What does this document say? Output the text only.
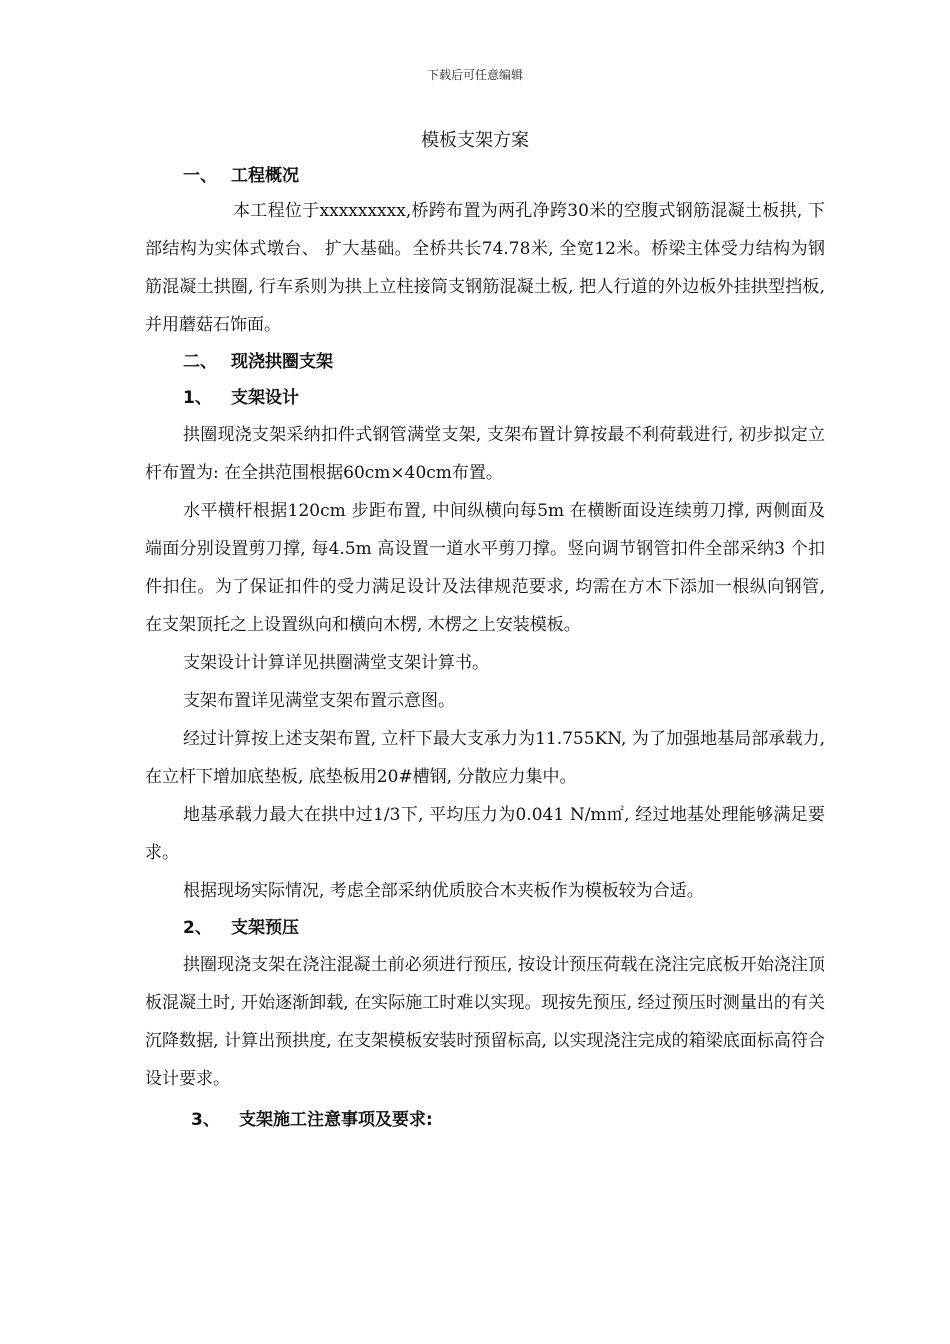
下载后可任意编辑
模板支架方案
一、 工程概况

本工程位于xxxxxxxxx,桥跨布置为两孔净跨30米的空腹式钢筋混凝土板拱, 下部结构为实体式墩台、 扩大基础。全桥共长74.78米, 全宽12米。桥梁主体受力结构为钢筋混凝土拱圈, 行车系则为拱上立柱接筒支钢筋混凝土板, 把人行道的外边板外挂拱型挡板, 并用蘑菇石饰面。

二、 现浇拱圈支架
1、 支架设计

拱圈现浇支架采纳扣件式钢管满堂支架, 支架布置计算按最不利荷载进行, 初步拟定立杆布置为: 在全拱范围根据60cm×40cm布置。

水平横杆根据120cm 步距布置, 中间纵横向每5m 在横断面设连续剪刀撑, 两侧面及端面分别设置剪刀撑, 每4.5m 高设置一道水平剪刀撑。竖向调节钢管扣件全部采纳3 个扣件扣住。为了保证扣件的受力满足设计及法律规范要求, 均需在方木下添加一根纵向钢管, 在支架顶托之上设置纵向和横向木楞, 木楞之上安装模板。

支架设计计算详见拱圈满堂支架计算书。

支架布置详见满堂支架布置示意图。

经过计算按上述支架布置, 立杆下最大支承力为11.755KN, 为了加强地基局部承载力, 在立杆下增加底垫板, 底垫板用20#槽钢, 分散应力集中。

地基承载力最大在拱中过1/3下, 平均压力为0.041 N/m㎡, 经过地基处理能够满足要求。

根据现场实际情况, 考虑全部采纳优质胶合木夹板作为模板较为合适。

2、 支架预压

拱圈现浇支架在浇注混凝土前必须进行预压, 按设计预压荷载在浇注完底板开始浇注顶板混凝土时, 开始逐渐卸载, 在实际施工时难以实现。现按先预压, 经过预压时测量出的有关沉降数据, 计算出预拱度, 在支架模板安装时预留标高, 以实现浇注完成的箱梁底面标高符合设计要求。

3、 支架施工注意事项及要求:
